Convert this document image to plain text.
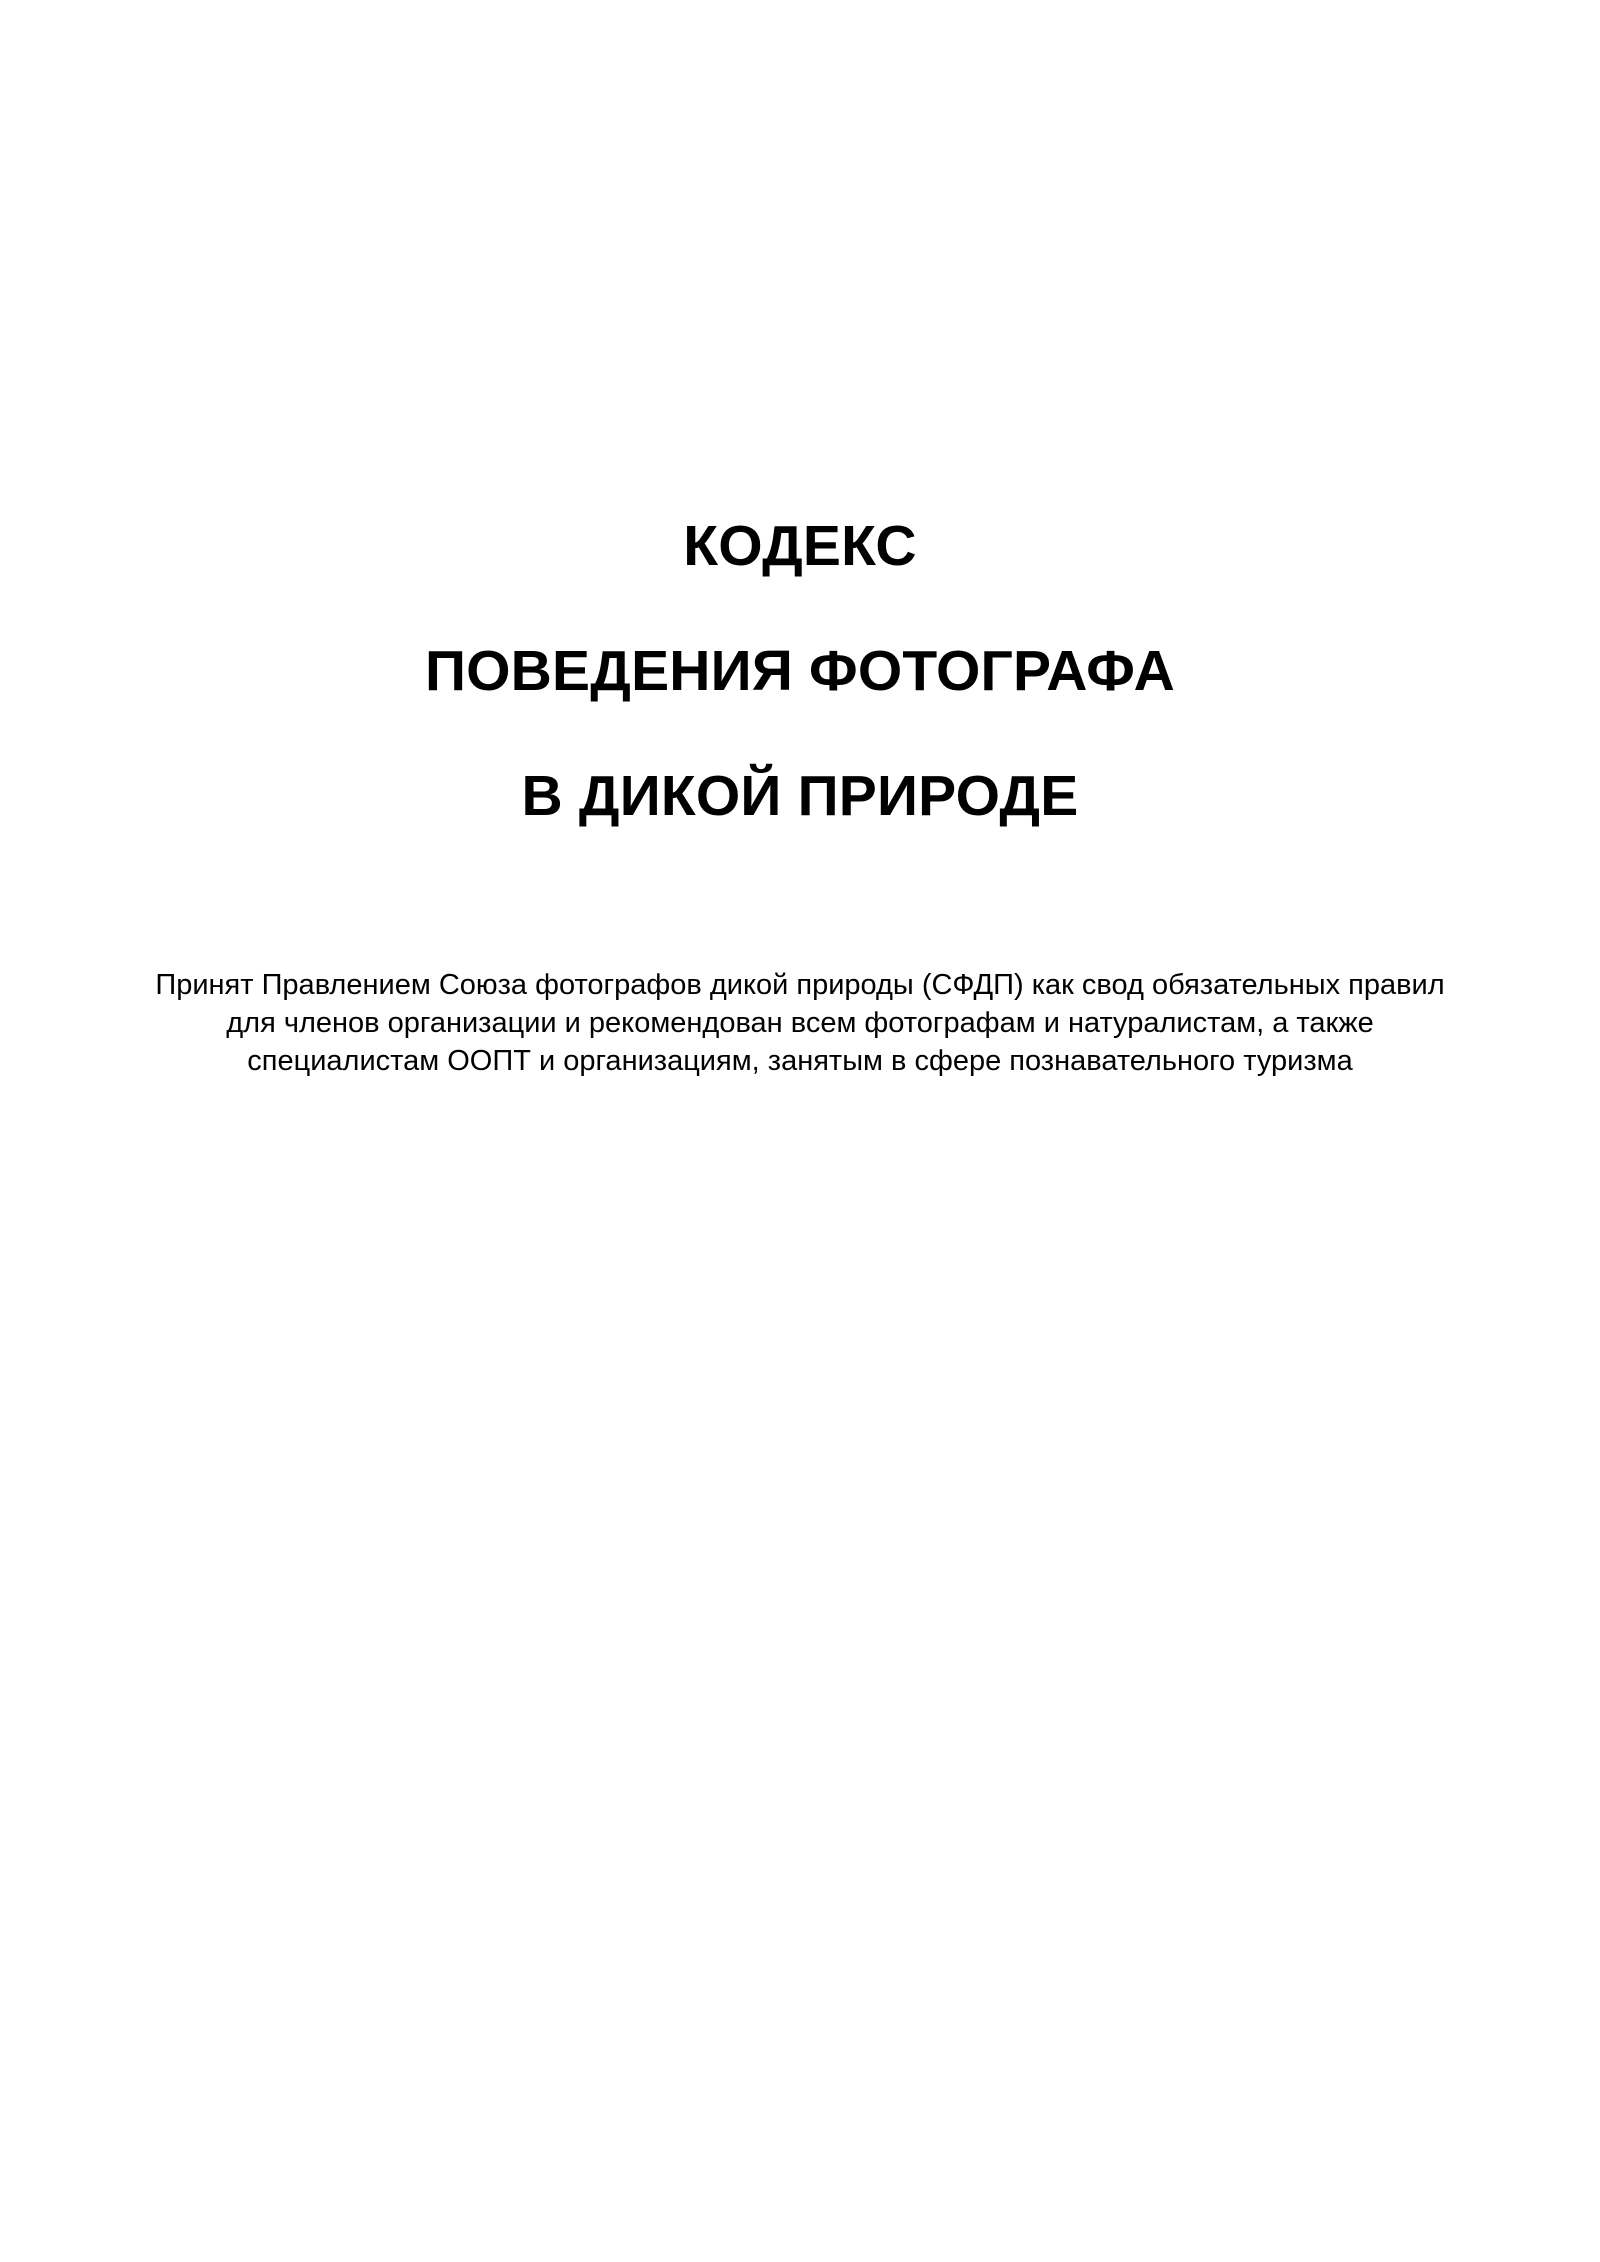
КОДЕКС
ПОВЕДЕНИЯ ФОТОГРАФА
В ДИКОЙ ПРИРОДЕ

Принят Правлением Союза фотографов дикой природы (СФДП) как свод обязательных правил
для членов организации и рекомендован всем фотографам и натуралистам, а также
специалистам ООПТ и организациям, занятым в сфере познавательного туризма
